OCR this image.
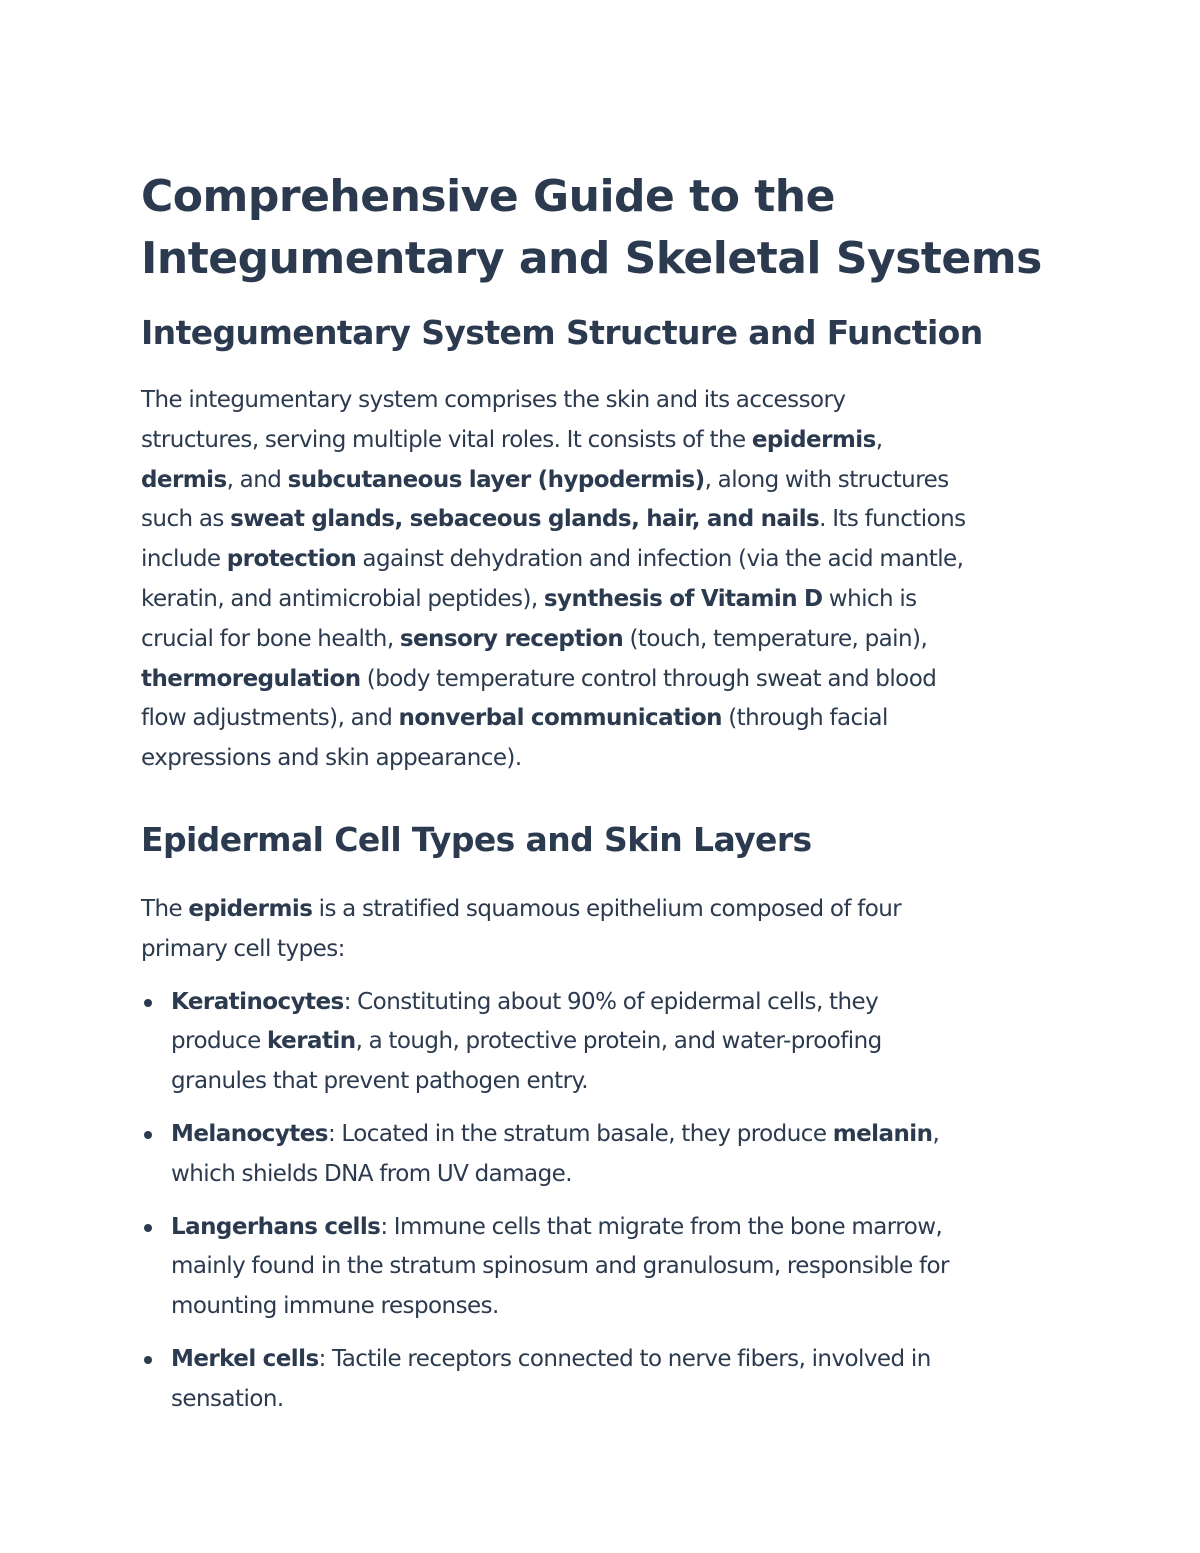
Comprehensive Guide to the
Integumentary and Skeletal Systems
Integumentary System Structure and Function

The integumentary system comprises the skin and its accessory
structures, serving multiple vital roles. It consists of the epidermis,
dermis, and subcutaneous layer (hypodermis), along with structures
such as sweat glands, sebaceous glands, hair, and nails. Its functions
include protection against dehydration and infection (via the acid mantle,
keratin, and antimicrobial peptides), synthesis of Vitamin D which is
crucial for bone health, sensory reception (touch, temperature, pain),
thermoregulation (body temperature control through sweat and blood
flow adjustments), and nonverbal communication (through facial
expressions and skin appearance).

Epidermal Cell Types and Skin Layers

The epidermis is a stratified squamous epithelium composed of four
primary cell types:

Keratinocytes: Constituting about 90% of epidermal cells, they
produce keratin, a tough, protective protein, and water-proofing
granules that prevent pathogen entry.
Melanocytes: Located in the stratum basale, they produce melanin,
which shields DNA from UV damage.
Langerhans cells: Immune cells that migrate from the bone marrow,
mainly found in the stratum spinosum and granulosum, responsible for
mounting immune responses.
Merkel cells: Tactile receptors connected to nerve fibers, involved in
sensation.
